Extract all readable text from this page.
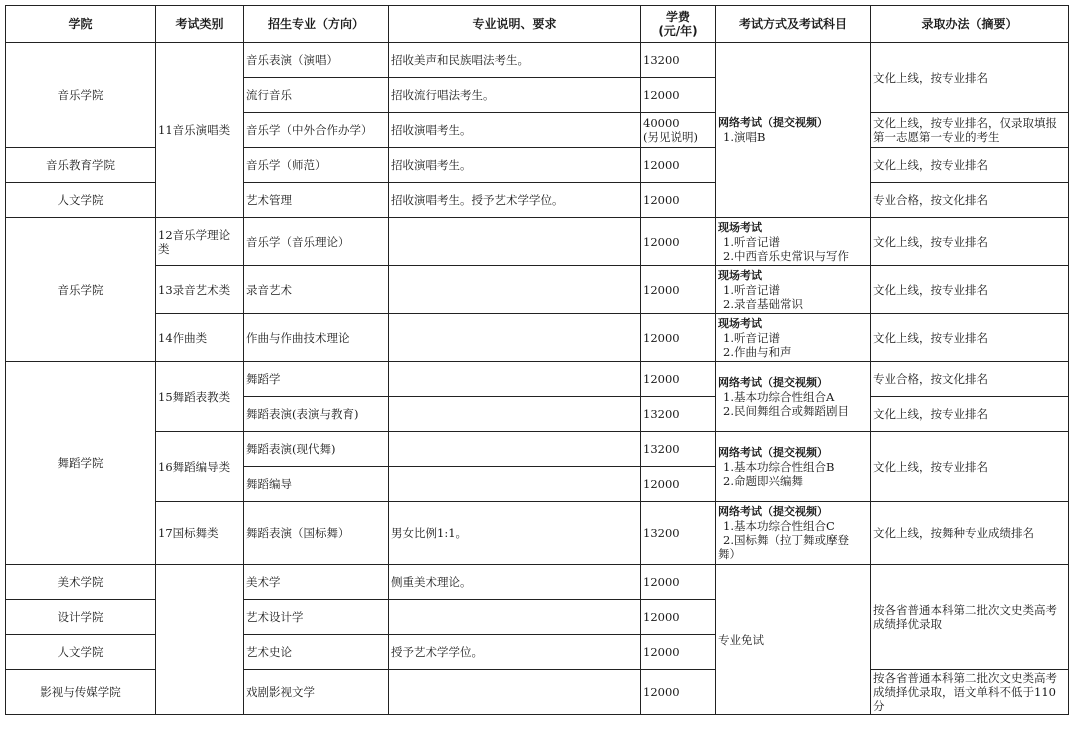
学院	考试类别	招生专业（方向）	专业说明、要求	学费
(元/年)	考试方式及考试科目	录取办法（摘要）
音乐学院	11音乐演唱类	音乐表演（演唱）	招收美声和民族唱法考生。	13200	网络考试（提交视频）
1.演唱B	文化上线，按专业排名
		流行音乐	招收流行唱法考生。	12000		
		音乐学（中外合作办学）	招收演唱考生。	40000
(另见说明)		文化上线，按专业排名，仅录取填报
第一志愿第一专业的考生

音乐教育学院		音乐学（师范）	招收演唱考生。	12000		文化上线，按专业排名
人文学院		艺术管理	招收演唱考生。授予艺术学学位。	12000		专业合格，按文化排名
音乐学院	12音乐学理论类	音乐学（音乐理论）		12000	现场考试
1.听音记谱
2.中西音乐史常识与写作	文化上线，按专业排名
	13录音艺术类	录音艺术		12000	现场考试
1.听音记谱
2.录音基础常识	文化上线，按专业排名
	14作曲类	作曲与作曲技术理论		12000	现场考试
1.听音记谱
2.作曲与和声	文化上线，按专业排名
舞蹈学院	15舞蹈表教类	舞蹈学		12000	网络考试（提交视频）
1.基本功综合性组合A
2.民间舞组合或舞蹈剧目	专业合格，按文化排名
		舞蹈表演(表演与教育)		13200		文化上线，按专业排名
	16舞蹈编导类	舞蹈表演(现代舞)		13200	网络考试（提交视频）
1.基本功综合性组合B
2.命题即兴编舞	文化上线，按专业排名
		舞蹈编导		12000		
	17国标舞类	舞蹈表演（国标舞）	男女比例1:1。	13200	网络考试（提交视频）
1.基本功综合性组合C
2.国标舞（拉丁舞或摩登
舞）	文化上线，按舞种专业成绩排名
美术学院		美术学	侧重美术理论。	12000	专业免试	按各省普通本科第二批次文史类高考
成绩择优录取

设计学院		艺术设计学		12000		
人文学院		艺术史论	授予艺术学学位。	12000		
影视与传媒学院		戏剧影视文学		12000		按各省普通本科第二批次文史类高考
成绩择优录取，语文单科不低于110分
